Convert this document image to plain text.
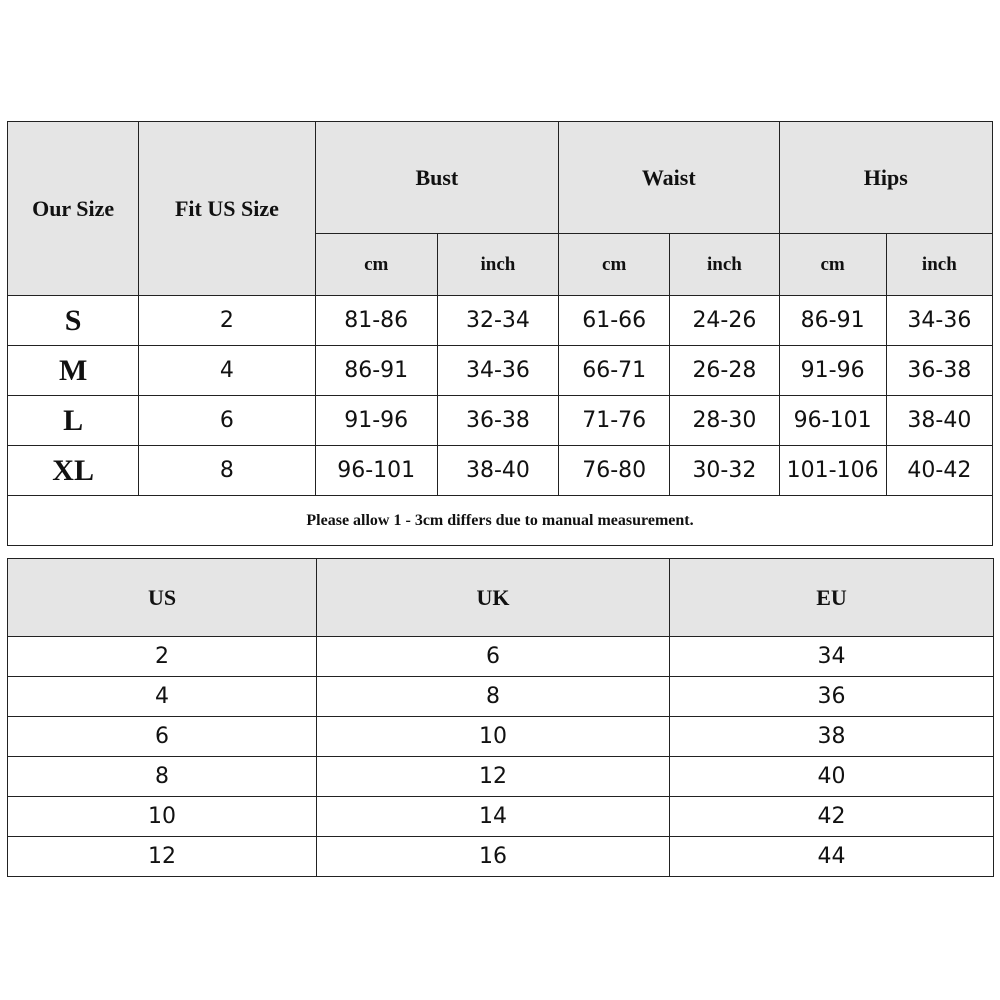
Our Size	Fit US Size	Bust		Waist		Hips	
		cm	inch	cm	inch	cm	inch
S	2	81-86	32-34	61-66	24-26	86-91	34-36
M	4	86-91	34-36	66-71	26-28	91-96	36-38
L	6	91-96	36-38	71-76	28-30	96-101	38-40
XL	8	96-101	38-40	76-80	30-32	101-106	40-42
Please allow 1 - 3cm differs due to manual measurement.							
US	UK	EU
2	6	34
4	8	36
6	10	38
8	12	40
10	14	42
12	16	44
